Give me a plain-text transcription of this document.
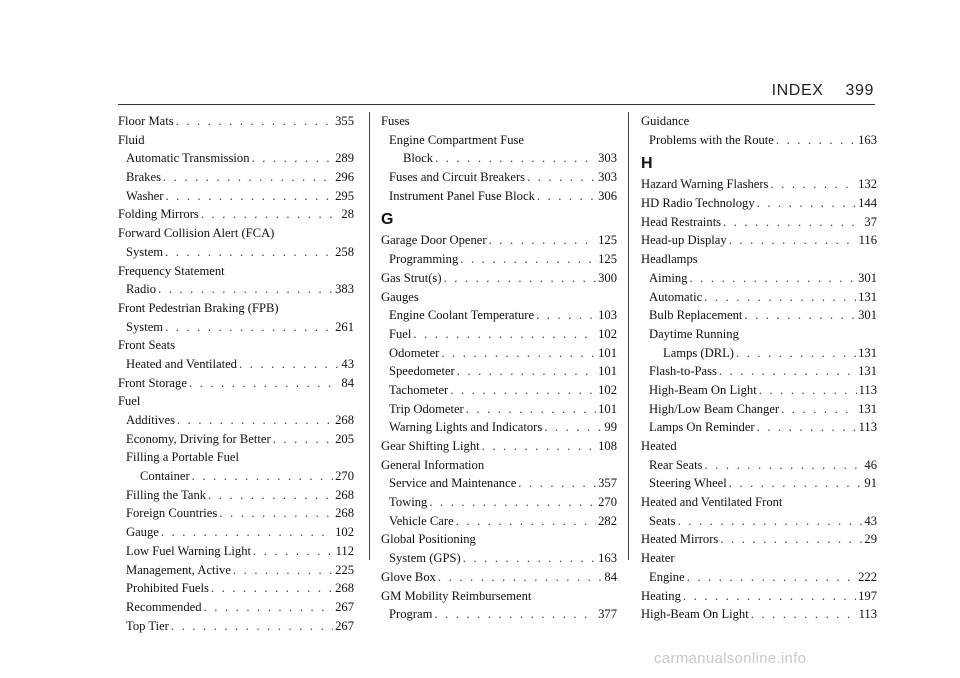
INDEX 399
Floor Mats . . .	355
Fluid
Automatic Transmission . . .	289
Brakes . . .	296
Washer . . .	295
Folding Mirrors . . .	28
Forward Collision Alert (FCA)
System . . .	258
Frequency Statement
Radio . . .	383
Front Pedestrian Braking (FPB)
System . . .	261
Front Seats
Heated and Ventilated . . .	43
Front Storage . . .	84
Fuel
Additives . . .	268
Economy, Driving for Better . . .	205
Filling a Portable Fuel
Container . . .	270
Filling the Tank . . .	268
Foreign Countries . . .	268
Gauge . . .	102
Low Fuel Warning Light . . .	112
Management, Active . . .	225
Prohibited Fuels . . .	268
Recommended . . .	267
Top Tier . . .	267
Fuses
Engine Compartment Fuse
Block . . .	303
Fuses and Circuit Breakers . . .	303
Instrument Panel Fuse Block . . .	306
G
Garage Door Opener . . .	125
Programming . . .	125
Gas Strut(s) . . .	300
Gauges
Engine Coolant Temperature . . .	103
Fuel . . .	102
Odometer . . .	101
Speedometer . . .	101
Tachometer . . .	102
Trip Odometer . . .	101
Warning Lights and Indicators . . .	99
Gear Shifting Light . . .	108
General Information
Service and Maintenance . . .	357
Towing . . .	270
Vehicle Care . . .	282
Global Positioning
System (GPS) . . .	163
Glove Box . . .	84
GM Mobility Reimbursement
Program . . .	377
Guidance
Problems with the Route . . .	163
H
Hazard Warning Flashers . . .	132
HD Radio Technology . . .	144
Head Restraints . . .	37
Head-up Display . . .	116
Headlamps
Aiming . . .	301
Automatic . . .	131
Bulb Replacement . . .	301
Daytime Running
Lamps (DRL) . . .	131
Flash-to-Pass . . .	131
High-Beam On Light . . .	113
High/Low Beam Changer . . .	131
Lamps On Reminder . . .	113
Heated
Rear Seats . . .	46
Steering Wheel . . .	91
Heated and Ventilated Front
Seats . . .	43
Heated Mirrors . . .	29
Heater
Engine . . .	222
Heating . . .	197
High-Beam On Light . . .	113
carmanualsonline.info
